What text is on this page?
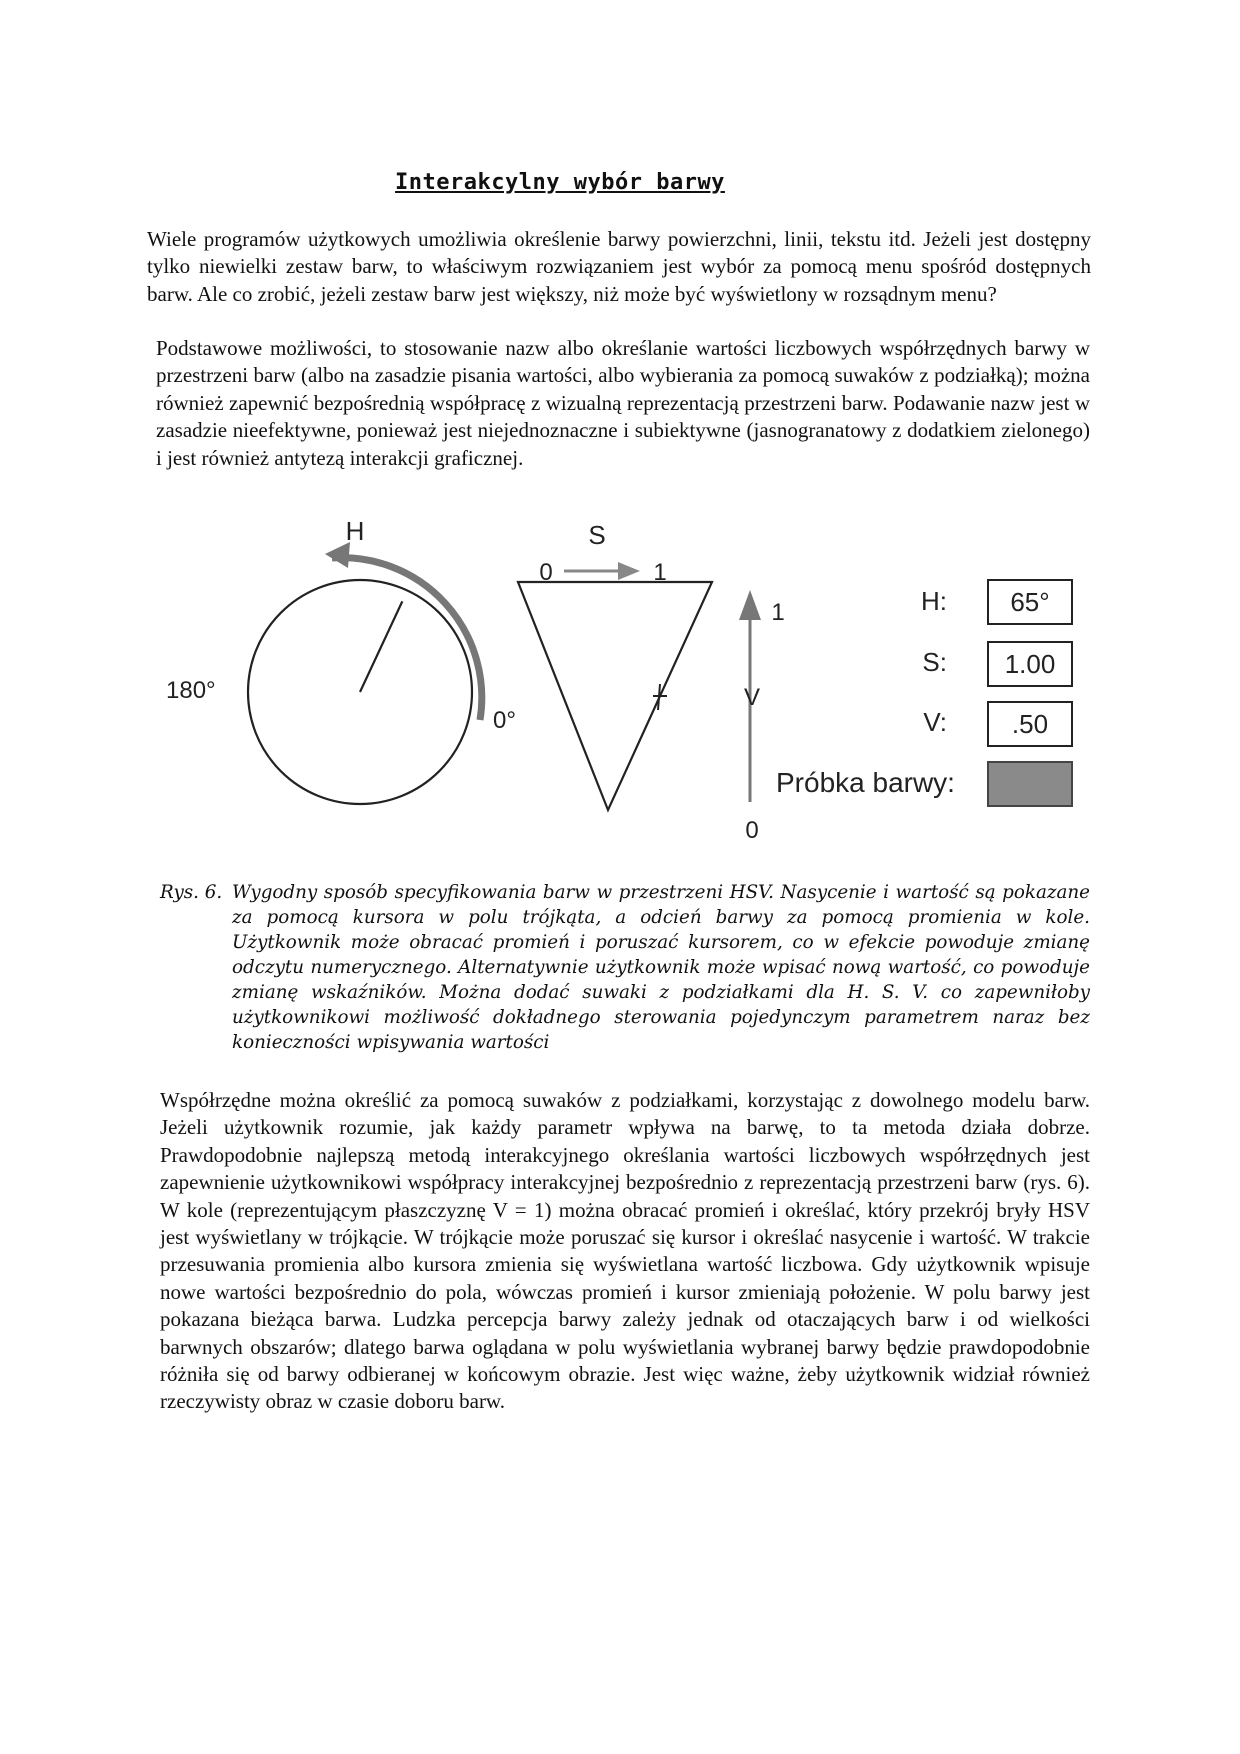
Interakcylny wybór barwy

Wiele programów użytkowych umożliwia określenie barwy powierzchni, linii, tekstu itd. Jeżeli jest dostępny tylko niewielki zestaw barw, to właściwym rozwiązaniem jest wybór za pomocą menu spośród dostępnych barw. Ale co zrobić, jeżeli zestaw barw jest większy, niż może być wyświetlony w rozsądnym menu?

Podstawowe możliwości, to stosowanie nazw albo określanie wartości liczbowych współrzędnych barwy w przestrzeni barw (albo na zasadzie pisania wartości, albo wybierania za pomocą suwaków z podziałką); można również zapewnić bezpośrednią współpracę z wizualną reprezentacją przestrzeni barw. Podawanie nazw jest w zasadzie nieefektywne, ponieważ jest niejednoznaczne i subiektywne (jasnogranatowy z dodatkiem zielonego) i jest również antytezą interakcji graficznej.

H
180°
0°
S
0	1
1
V
0
H: 65°
S: 1.00
V: .50
Próbka barwy:
Rys. 6. Wygodny sposób specyfikowania barw w przestrzeni HSV. Nasycenie i wartość są pokazane za pomocą kursora w polu trójkąta, a odcień barwy za pomocą promienia w kole. Użytkownik może obracać promień i poruszać kursorem, co w efekcie powoduje zmianę odczytu numerycznego. Alternatywnie użytkownik może wpisać nową wartość, co powoduje zmianę wskaźników. Można dodać suwaki z podziałkami dla H. S. V. co zapewniłoby użytkownikowi możliwość dokładnego sterowania pojedynczym parametrem naraz bez konieczności wpisywania wartości

Współrzędne można określić za pomocą suwaków z podziałkami, korzystając z dowolnego modelu barw. Jeżeli użytkownik rozumie, jak każdy parametr wpływa na barwę, to ta metoda działa dobrze. Prawdopodobnie najlepszą metodą interakcyjnego określania wartości liczbowych współrzędnych jest zapewnienie użytkownikowi współpracy interakcyjnej bezpośrednio z reprezentacją przestrzeni barw (rys. 6). W kole (reprezentującym płaszczyznę V = 1) można obracać promień i określać, który przekrój bryły HSV jest wyświetlany w trójkącie. W trójkącie może poruszać się kursor i określać nasycenie i wartość. W trakcie przesuwania promienia albo kursora zmienia się wyświetlana wartość liczbowa. Gdy użytkownik wpisuje nowe wartości bezpośrednio do pola, wówczas promień i kursor zmieniają położenie. W polu barwy jest pokazana bieżąca barwa. Ludzka percepcja barwy zależy jednak od otaczających barw i od wielkości barwnych obszarów; dlatego barwa oglądana w polu wyświetlania wybranej barwy będzie prawdopodobnie różniła się od barwy odbieranej w końcowym obrazie. Jest więc ważne, żeby użytkownik widział również rzeczywisty obraz w czasie doboru barw.
